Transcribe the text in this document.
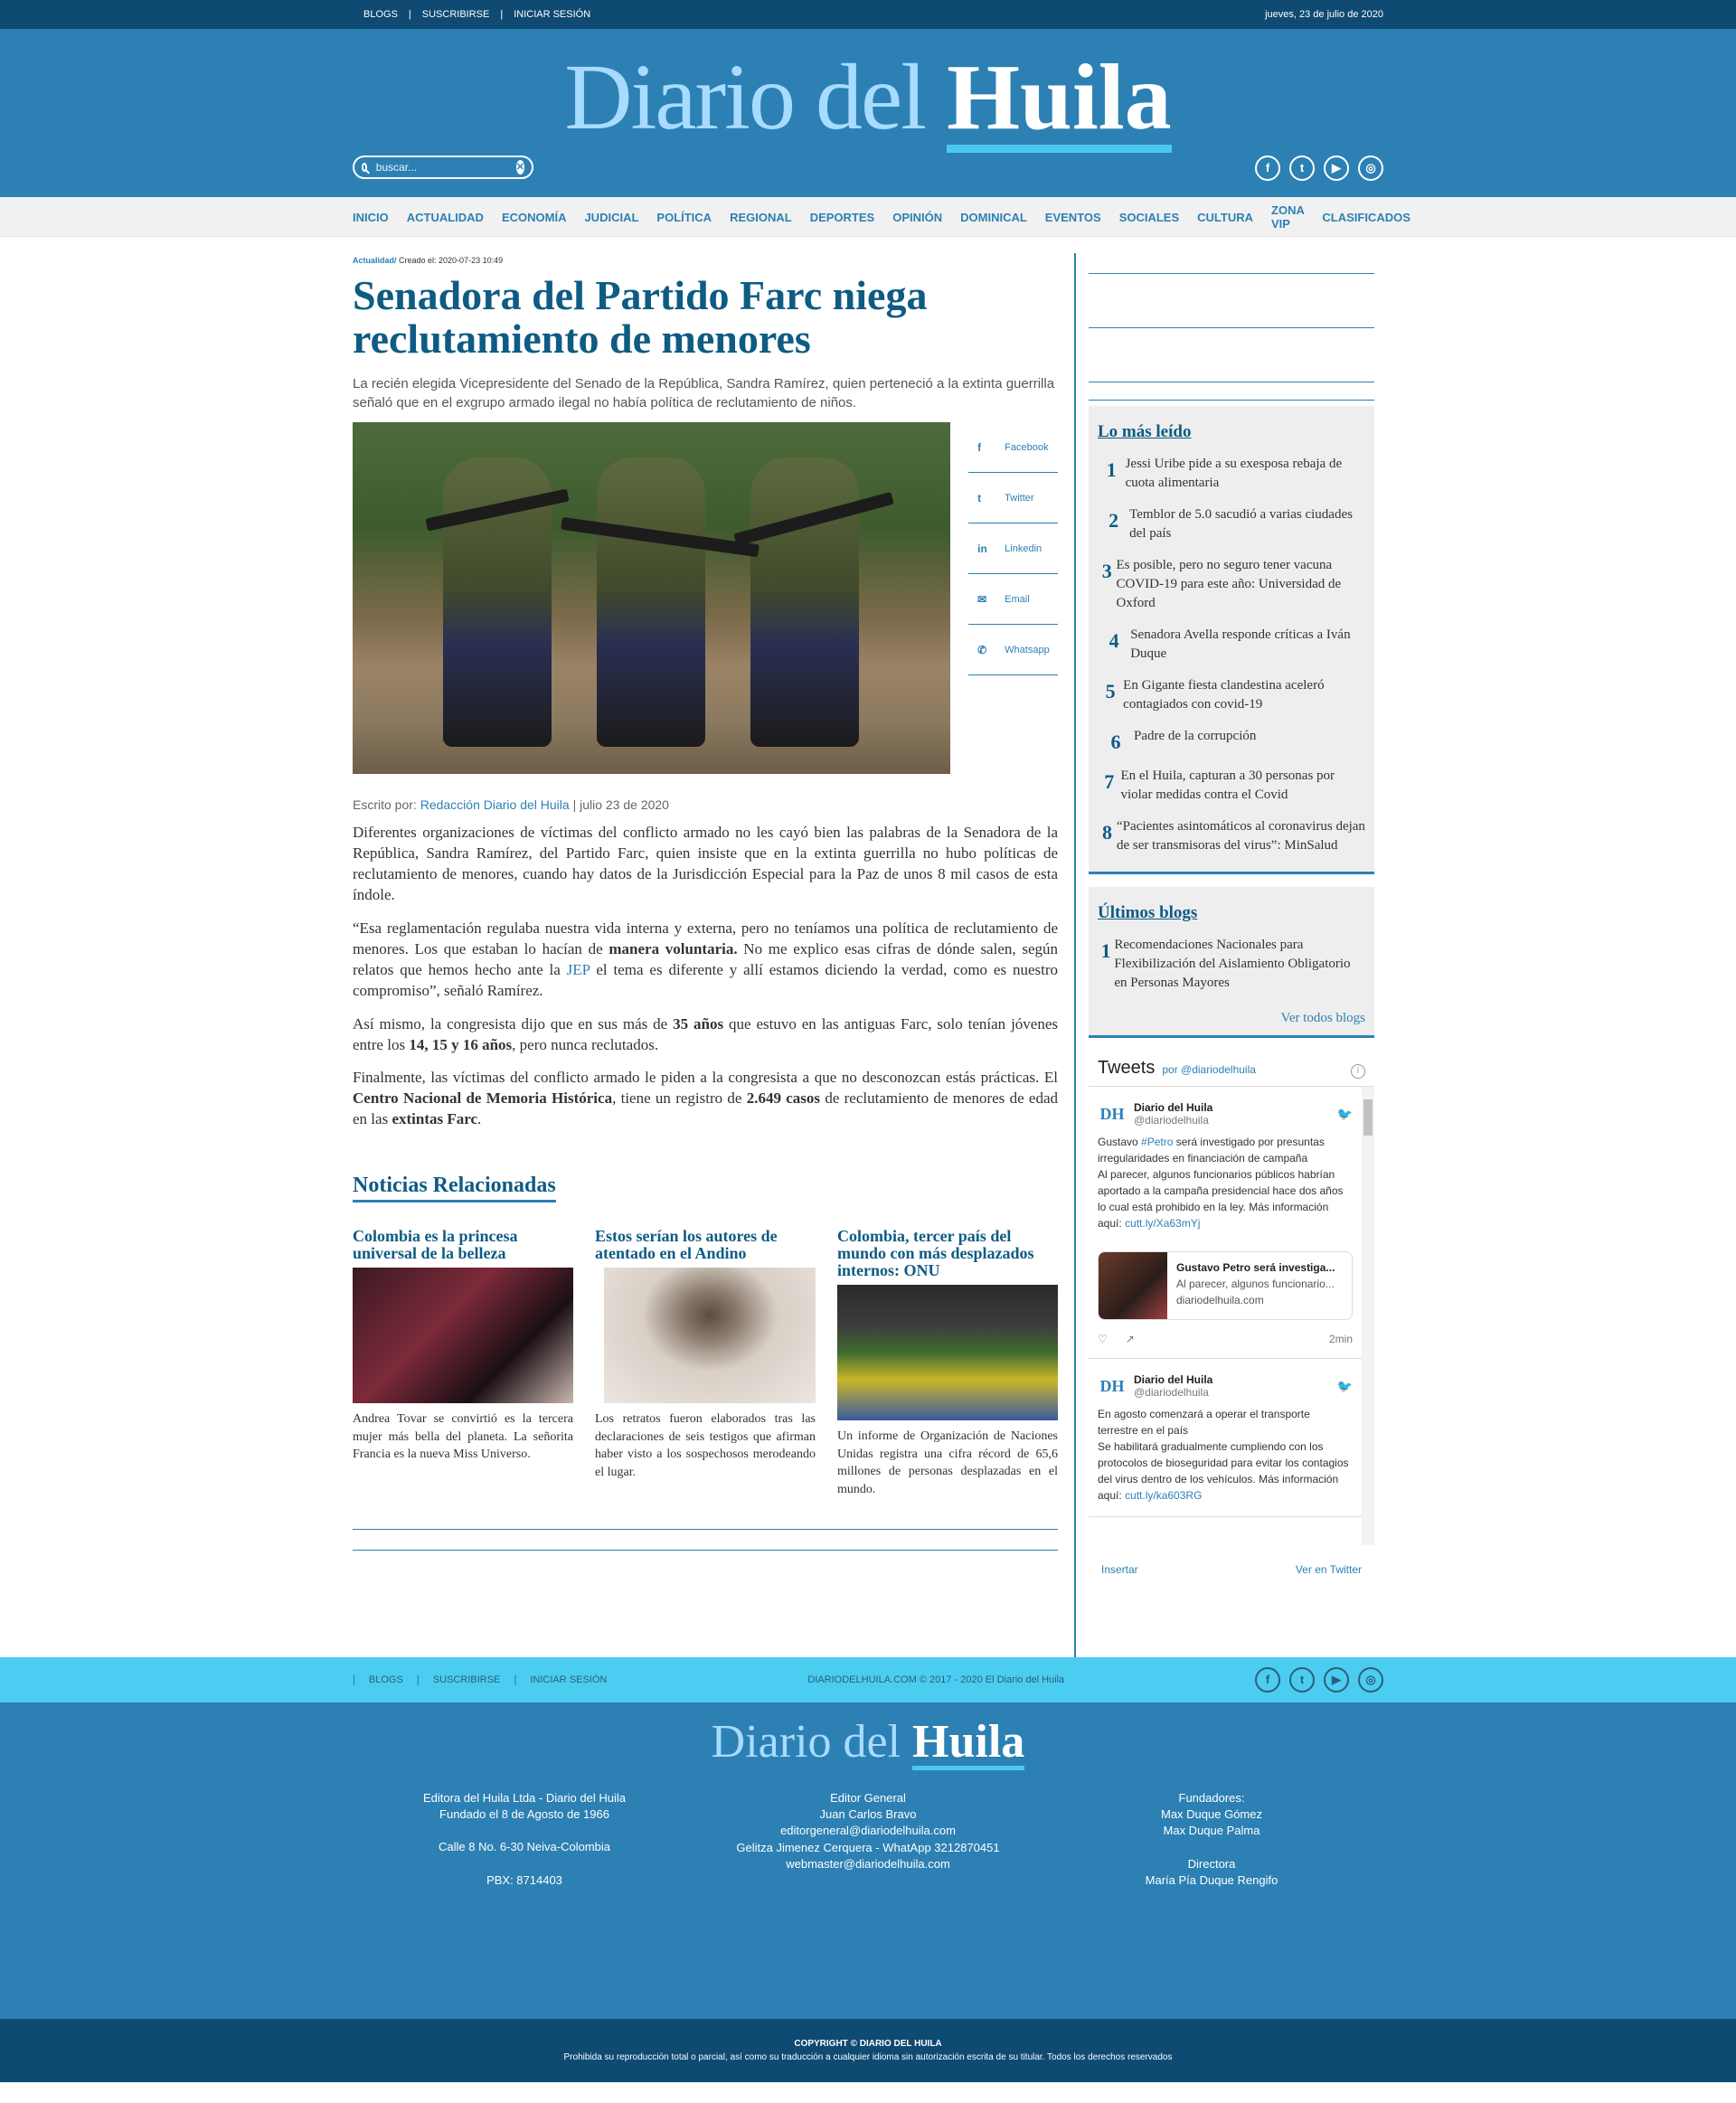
BLOGS	|	SUSCRIBIRSE	|	INICIAR SESIÓN	jueves, 23 de julio de 2020
Diario del Huila
buscar...
✕	f	t	▶	◎
INICIO ACTUALIDAD ECONOMÍA JUDICIAL POLÍTICA REGIONAL DEPORTES OPINIÓN DOMINICAL EVENTOS SOCIALES CULTURA ZONA VIP	CLASIFICADOS
Actualidad/ Creado el: 2020-07-23 10:49
Senadora del Partido Farc niega reclutamiento de menores

La recién elegida Vicepresidente del Senado de la República, Sandra Ramírez, quien perteneció a la extinta guerrilla señaló que en el exgrupo armado ilegal no había política de reclutamiento de niños.

f	Facebook
t	Twitter
in	Linkedin
✉	Email
✆	Whatsapp
Escrito por: Redacción Diario del Huila | julio 23 de 2020

Diferentes organizaciones de víctimas del conflicto armado no les cayó bien las palabras de la Senadora de la República, Sandra Ramírez, del Partido Farc, quien insiste que en la extinta guerrilla no hubo políticas de reclutamiento de menores, cuando hay datos de la Jurisdicción Especial para la Paz de unos 8 mil casos de esta índole.

“Esa reglamentación regulaba nuestra vida interna y externa, pero no teníamos una política de reclutamiento de menores. Los que estaban lo hacían de manera voluntaria. No me explico esas cifras de dónde salen, según relatos que hemos hecho ante la JEP el tema es diferente y allí estamos diciendo la verdad, como es nuestro compromiso”, señaló Ramírez.

Así mismo, la congresista dijo que en sus más de 35 años que estuvo en las antiguas Farc, solo tenían jóvenes entre los 14, 15 y 16 años, pero nunca reclutados.

Finalmente, las víctimas del conflicto armado le piden a la congresista a que no desconozcan estás prácticas. El Centro Nacional de Memoria Histórica, tiene un registro de 2.649 casos de reclutamiento de menores de edad en las extintas Farc.

Noticias Relacionadas
Colombia es la princesa universal de la belleza

Andrea Tovar se convirtió es la tercera mujer más bella del planeta. La señorita Francia es la nueva Miss Universo.

Estos serían los autores de atentado en el Andino

Los retratos fueron elaborados tras las declaraciones de seis testigos que afirman haber visto a los sospechosos merodeando el lugar.

Colombia, tercer país del mundo con más desplazados internos: ONU

Un informe de Organización de Naciones Unidas registra una cifra récord de 65,6 millones de personas desplazadas en el mundo.

Lo más leído
1 Jessi Uribe pide a su exesposa rebaja de cuota alimentaria
2 Temblor de 5.0 sacudió a varias ciudades del país
3 Es posible, pero no seguro tener vacuna COVID-19 para este año: Universidad de Oxford
4 Senadora Avella responde críticas a Iván Duque
5 En Gigante fiesta clandestina aceleró contagiados con covid-19
6 Padre de la corrupción
7 En el Huila, capturan a 30 personas por violar medidas contra el Covid
8 “Pacientes asintomáticos al coronavirus dejan de ser transmisoras del virus”: MinSalud
Últimos blogs
1 Recomendaciones Nacionales para Flexibilización del Aislamiento Obligatorio en Personas Mayores
Ver todos blogs
Tweets por @diariodelhuila	i
DH Diario del Huila
@diariodelhuila	🐦
Gustavo #Petro será investigado por presuntas irregularidades en financiación de campaña
Al parecer, algunos funcionarios públicos habrían aportado a la campaña presidencial hace dos años lo cual está prohibido en la ley. Más información aquí: cutt.ly/Xa63mYj
Gustavo Petro será investiga...
Al parecer, algunos funcionario...
diariodelhuila.com
♡ ↗	2min
DH Diario del Huila
@diariodelhuila	🐦
En agosto comenzará a operar el transporte terrestre en el país
Se habilitará gradualmente cumpliendo con los protocolos de bioseguridad para evitar los contagios del virus dentro de los vehículos. Más información aquí: cutt.ly/ka603RG
Insertar	Ver en Twitter
| BLOGS | SUSCRIBIRSE | INICIAR SESIÓN	DIARIODELHUILA.COM © 2017 - 2020 El Diario del Huila	f	t	▶	◎
Diario del Huila
Editora del Huila Ltda - Diario del Huila
Fundado el 8 de Agosto de 1966
Calle 8 No. 6-30 Neiva-Colombia
PBX: 8714403
Editor General
Juan Carlos Bravo
editorgeneral@diariodelhuila.com
Gelitza Jimenez Cerquera - WhatApp 3212870451
webmaster@diariodelhuila.com
Fundadores:
Max Duque Gómez
Max Duque Palma
Directora
María Pía Duque Rengifo
COPYRIGHT © DIARIO DEL HUILA
Prohibida su reproducción total o parcial, así como su traducción a cualquier idioma sin autorización escrita de su titular. Todos los derechos reservados
